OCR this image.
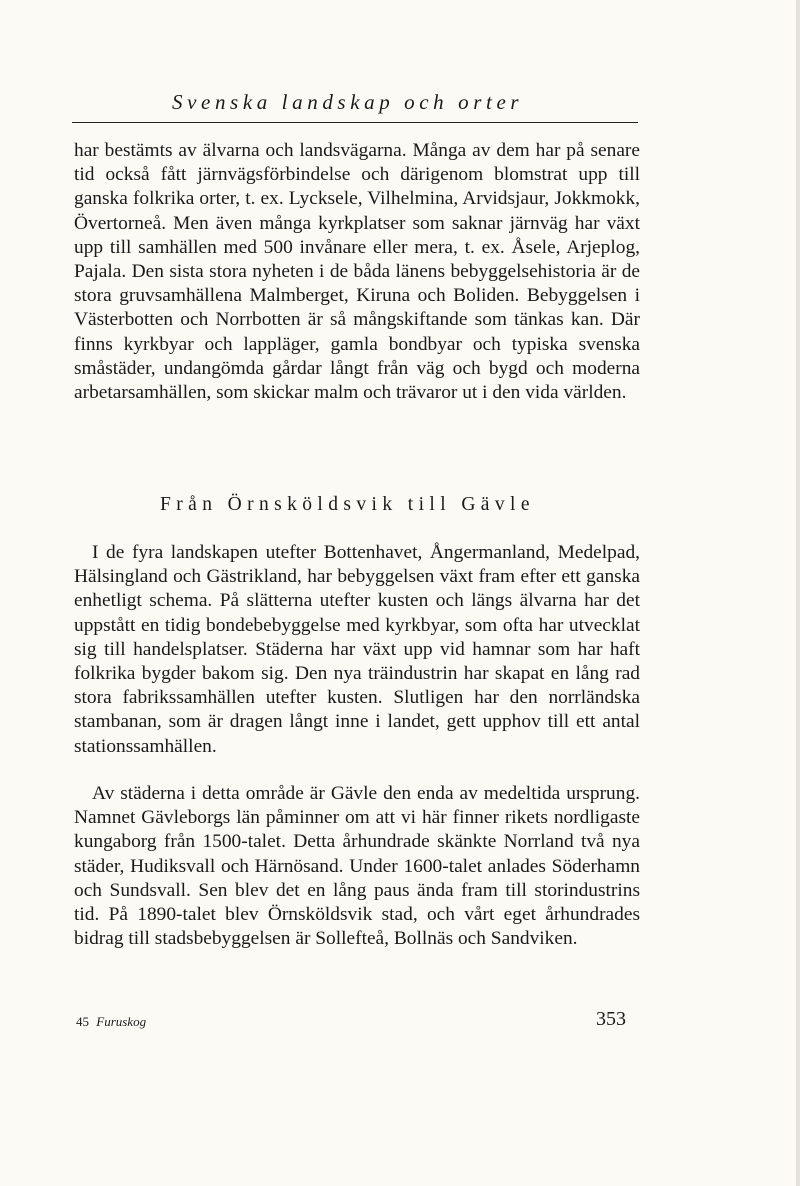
Svenska landskap och orter

har bestämts av älvarna och landsvägarna. Många av dem har på senare tid också fått järnvägsförbindelse och därigenom blomstrat upp till ganska folkrika orter, t. ex. Lycksele, Vilhelmina, Arvidsjaur, Jokkmokk, Övertorneå. Men även många kyrkplatser som saknar järnväg har växt upp till samhällen med 500 invånare eller mera, t. ex. Åsele, Arjeplog, Pajala. Den sista stora nyheten i de båda länens bebyggelsehistoria är de stora gruvsamhällena Malmberget, Kiruna och Boliden. Bebyggelsen i Västerbotten och Norrbotten är så mångskiftande som tänkas kan. Där finns kyrkbyar och lappläger, gamla bondbyar och typiska svenska småstäder, undangömda gårdar långt från väg och bygd och moderna arbetarsamhällen, som skickar malm och trävaror ut i den vida världen.

Från Örnsköldsvik till Gävle

I de fyra landskapen utefter Bottenhavet, Ångermanland, Medelpad, Hälsingland och Gästrikland, har bebyggelsen växt fram efter ett ganska enhetligt schema. På slätterna utefter kusten och längs älvarna har det uppstått en tidig bondebebyggelse med kyrkbyar, som ofta har utvecklat sig till handelsplatser. Städerna har växt upp vid hamnar som har haft folkrika bygder bakom sig. Den nya träindustrin har skapat en lång rad stora fabrikssamhällen utefter kusten. Slutligen har den norrländska stambanan, som är dragen långt inne i landet, gett upphov till ett antal stationssamhällen.

Av städerna i detta område är Gävle den enda av medeltida ursprung. Namnet Gävleborgs län påminner om att vi här finner rikets nordligaste kungaborg från 1500-talet. Detta århundrade skänkte Norrland två nya städer, Hudiksvall och Härnösand. Under 1600-talet anlades Söderhamn och Sundsvall. Sen blev det en lång paus ända fram till storindustrins tid. På 1890-talet blev Örnsköldsvik stad, och vårt eget århundrades bidrag till stadsbebyggelsen är Sollefteå, Bollnäs och Sandviken.

45 Furuskog	353
